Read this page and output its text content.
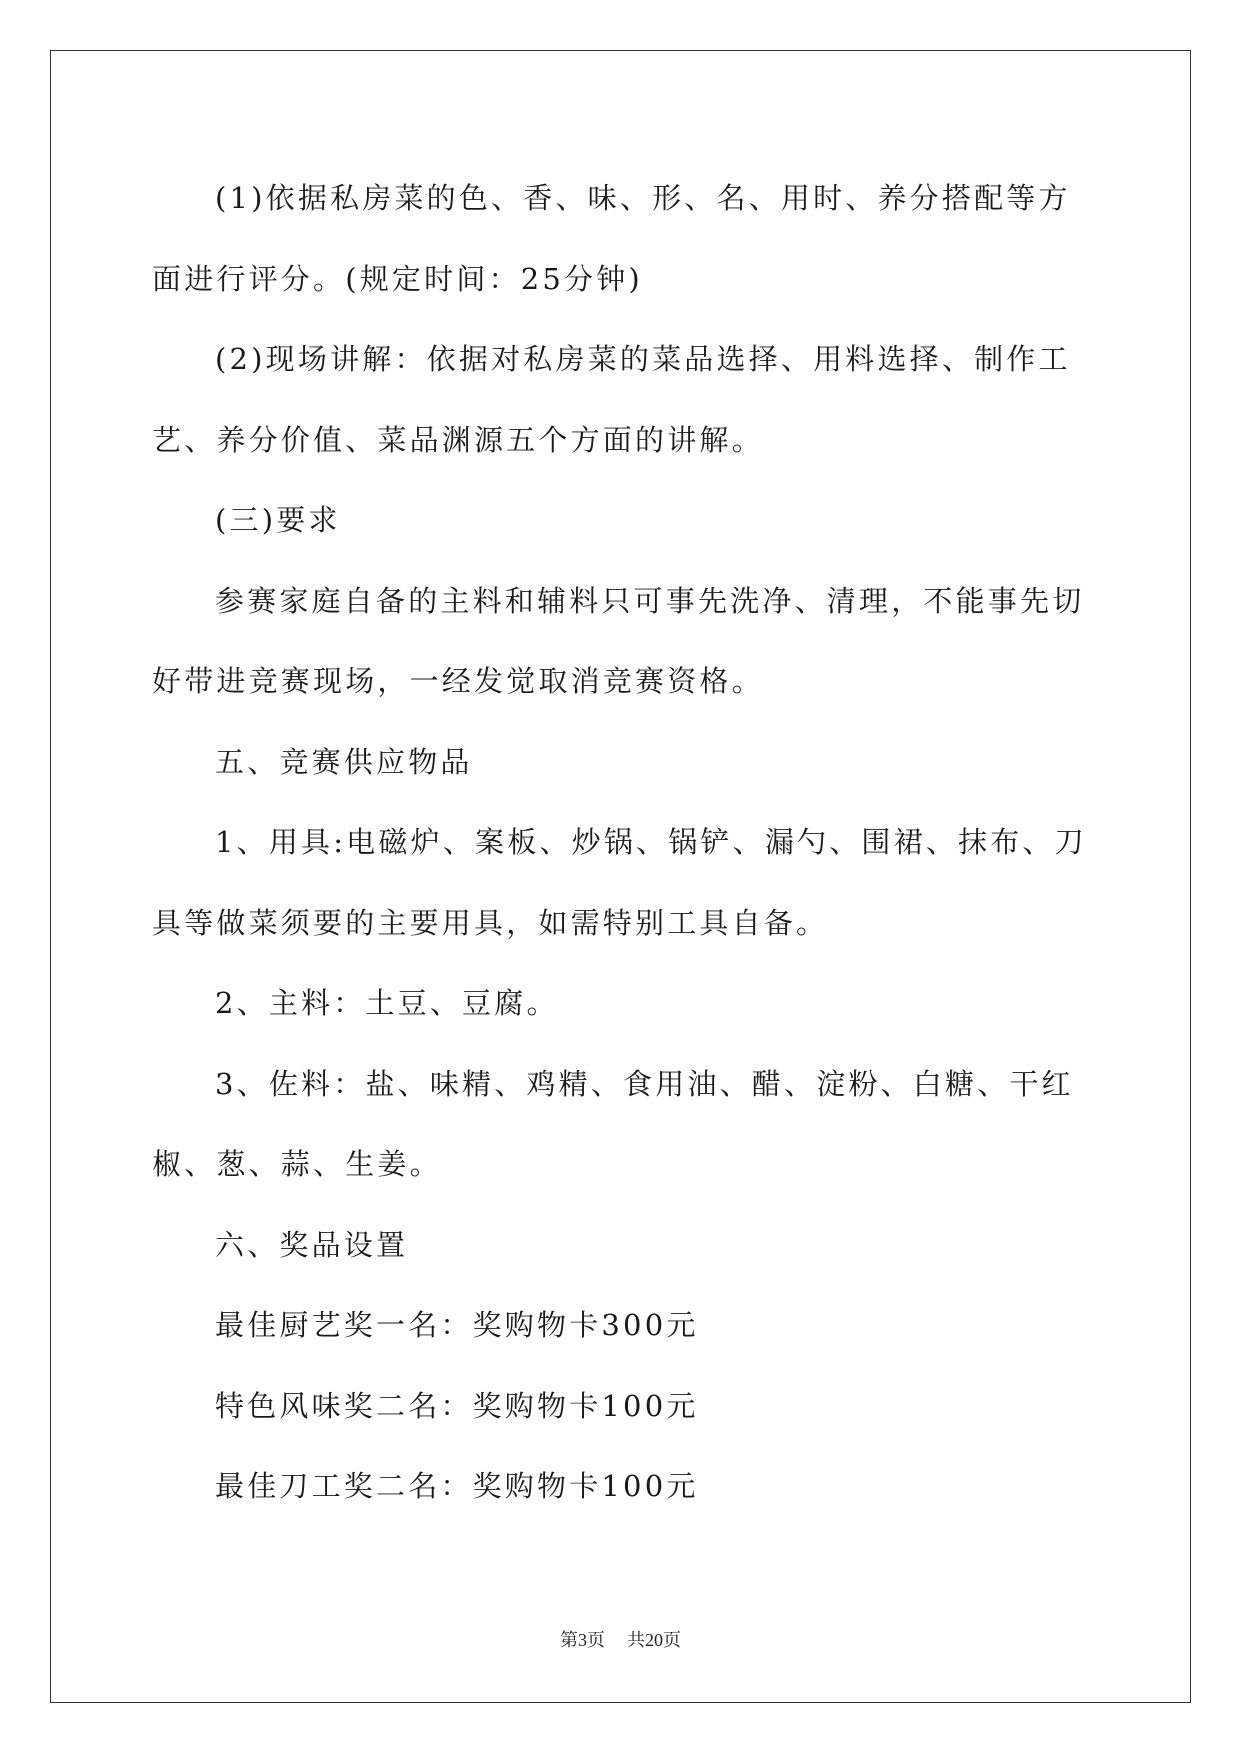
(1)依据私房菜的色、香、味、形、名、用时、养分搭配等方面进行评分。(规定时间：25分钟)

(2)现场讲解：依据对私房菜的菜品选择、用料选择、制作工艺、养分价值、菜品渊源五个方面的讲解。

(三)要求

参赛家庭自备的主料和辅料只可事先洗净、清理，不能事先切好带进竞赛现场，一经发觉取消竞赛资格。

五、竞赛供应物品

1、用具:电磁炉、案板、炒锅、锅铲、漏勺、围裙、抹布、刀具等做菜须要的主要用具，如需特别工具自备。

2、主料：土豆、豆腐。

3、佐料：盐、味精、鸡精、食用油、醋、淀粉、白糖、干红椒、葱、蒜、生姜。

六、奖品设置

最佳厨艺奖一名：奖购物卡300元

特色风味奖二名：奖购物卡100元

最佳刀工奖二名：奖购物卡100元

第3页 共20页
